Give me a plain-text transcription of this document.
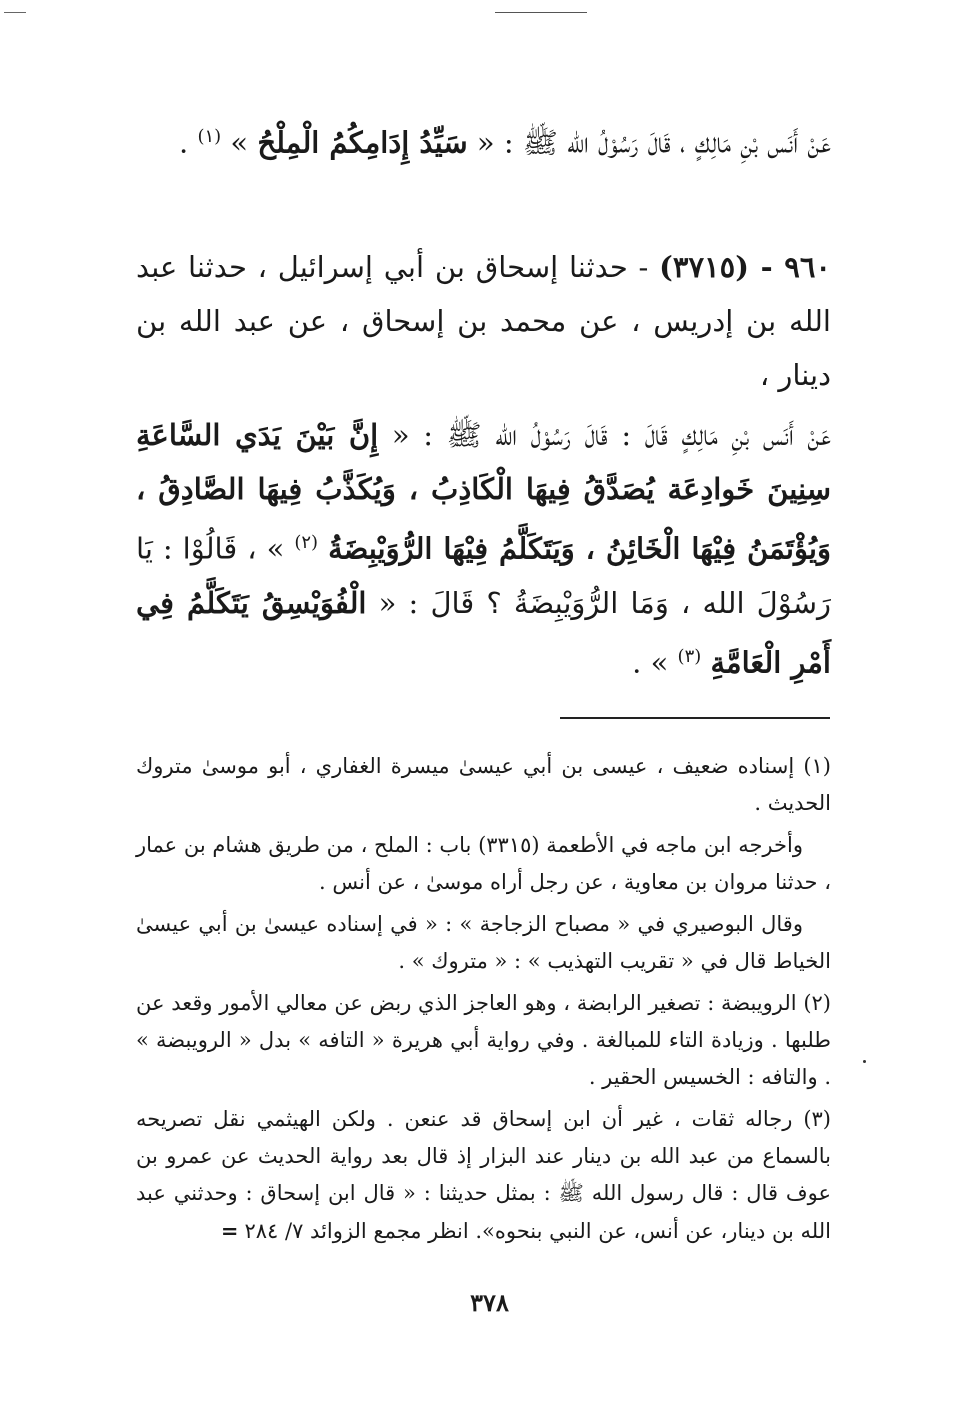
عَنْ أَنَس بْنِ مَالِكٍ ، قَالَ رَسُوْلُ الله ﷺ : « سَيِّدُ إِدَامِكُمُ الْمِلْحُ » $^{(١)}$ .

٩٦٠ - (٣٧١٥) - حدثنا إسحاق بن أبي إسرائيل ، حدثنا عبد الله بن إدريس ، عن محمد بن إسحاق ، عن عبد الله بن دينار ،

عَنْ أَنَس بْنِ مَالِكٍ قَالَ : قَالَ رَسُوْلُ الله ﷺ : « إِنَّ بَيْنَ يَدَي السَّاعَةِ سِنِينَ خَوادِعَة يُصَدَّقُ فِيهَا الْكَاذِبُ ، وَيُكَذَّبُ فِيهَا الصَّادِقُ ، وَيُؤْتَمَنُ فِيْهَا الْخَائِنُ ، وَيَتَكَلَّمُ فِيْهَا الرُّوَيْبِضَةُ $^{(٢)}$ » ، قَالُوْا : يَا رَسُوْلَ الله ، وَمَا الرُّوَيْبِضَةُ ؟ قَالَ : « الْفُوَيْسِقُ يَتَكَلَّمُ فِي أَمْرِ الْعَامَّةِ $^{(٣)}$ » .

(١) إسناده ضعيف ، عيسى بن أبي عيسىٰ ميسرة الغفاري ، أبو موسىٰ متروك الحديث .

وأخرجه ابن ماجه في الأطعمة (٣٣١٥) باب : الملح ، من طريق هشام بن عمار ، حدثنا مروان بن معاوية ، عن رجل أراه موسىٰ ، عن أنس .

وقال البوصيري في « مصباح الزجاجة » : « في إسناده عيسىٰ بن أبي عيسىٰ الخياط قال في « تقريب التهذيب » : « متروك » .

(٢) الرويبضة : تصغير الرابضة ، وهو العاجز الذي ربض عن معالي الأمور وقعد عن طلبها . وزيادة التاء للمبالغة . وفي رواية أبي هريرة « التافه » بدل « الرويبضة » . والتافه : الخسيس الحقير .

(٣) رجاله ثقات ، غير أن ابن إسحاق قد عنعن . ولكن الهيثمي نقل تصريحه بالسماع من عبد الله بن دينار عند البزار إذ قال بعد رواية الحديث عن عمرو بن عوف قال : قال رسول الله ﷺ : بمثل حديثنا : « قال ابن إسحاق : وحدثني عبد الله بن دينار، عن أنس، عن النبي بنحوه». انظر مجمع الزوائد ٧/ ٢٨٤=

٣٧٨
